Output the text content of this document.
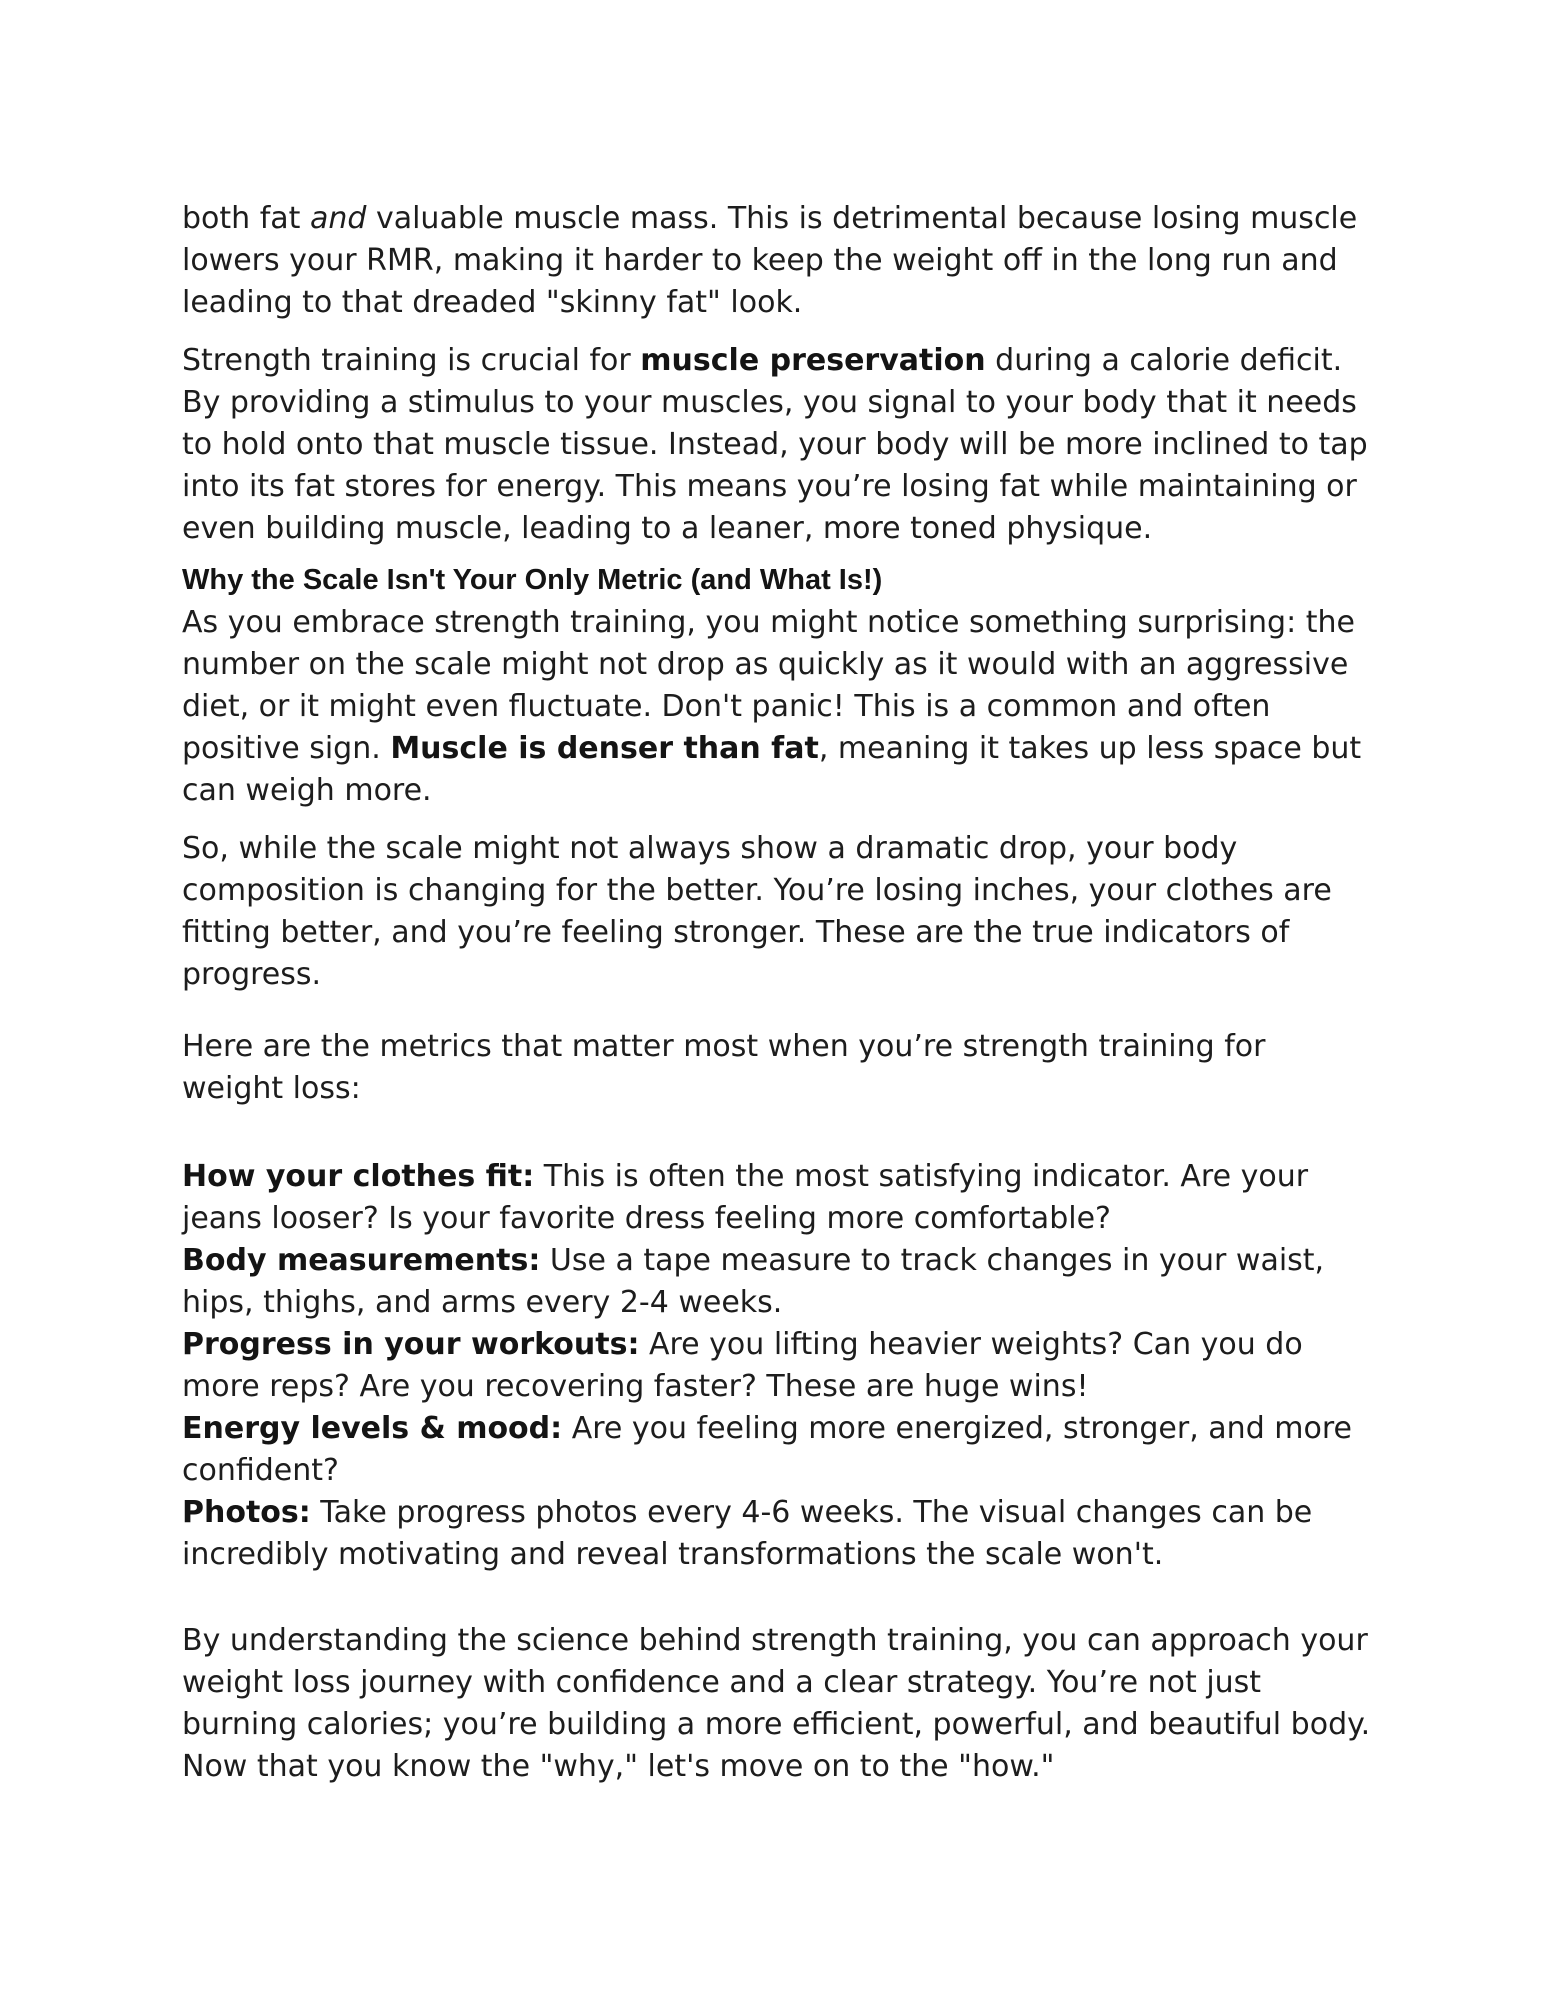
both fat and valuable muscle mass. This is detrimental because losing muscle lowers your RMR, making it harder to keep the weight off in the long run and leading to that dreaded "skinny fat" look.

Strength training is crucial for muscle preservation during a calorie deficit. By providing a stimulus to your muscles, you signal to your body that it needs to hold onto that muscle tissue. Instead, your body will be more inclined to tap into its fat stores for energy. This means you’re losing fat while maintaining or even building muscle, leading to a leaner, more toned physique.

Why the Scale Isn't Your Only Metric (and What Is!)

As you embrace strength training, you might notice something surprising: the number on the scale might not drop as quickly as it would with an aggressive diet, or it might even fluctuate. Don't panic! This is a common and often positive sign. Muscle is denser than fat, meaning it takes up less space but can weigh more.

So, while the scale might not always show a dramatic drop, your body composition is changing for the better. You’re losing inches, your clothes are fitting better, and you’re feeling stronger. These are the true indicators of progress.

Here are the metrics that matter most when you’re strength training for weight loss:

How your clothes fit: This is often the most satisfying indicator. Are your jeans looser? Is your favorite dress feeling more comfortable?
Body measurements: Use a tape measure to track changes in your waist, hips, thighs, and arms every 2-4 weeks.
Progress in your workouts: Are you lifting heavier weights? Can you do more reps? Are you recovering faster? These are huge wins!
Energy levels & mood: Are you feeling more energized, stronger, and more confident?
Photos: Take progress photos every 4-6 weeks. The visual changes can be incredibly motivating and reveal transformations the scale won't.

By understanding the science behind strength training, you can approach your weight loss journey with confidence and a clear strategy. You’re not just burning calories; you’re building a more efficient, powerful, and beautiful body. Now that you know the "why," let's move on to the "how."
